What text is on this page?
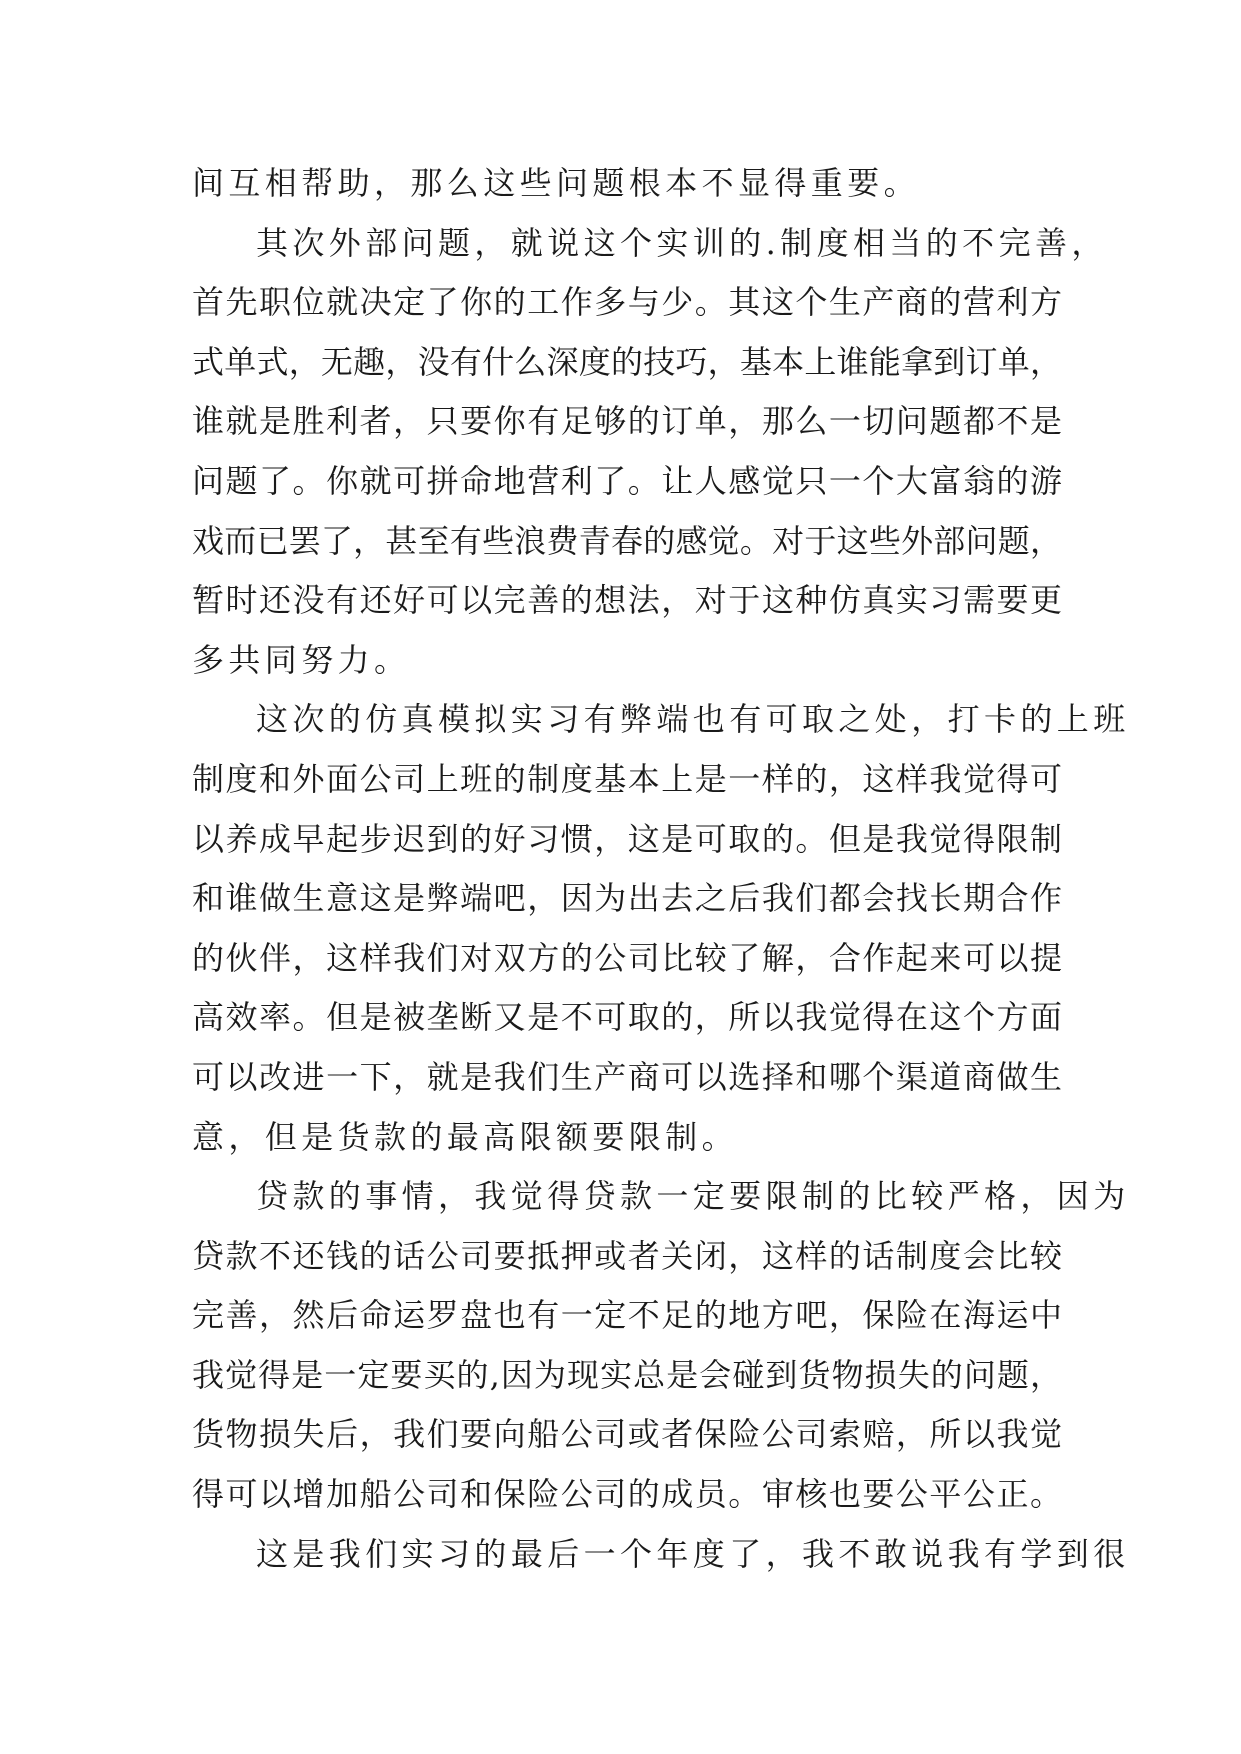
间互相帮助，那么这些问题根本不显得重要。
其次外部问题，就说这个实训的.制度相当的不完善，
首先职位就决定了你的工作多与少。其这个生产商的营利方
式单式，无趣，没有什么深度的技巧，基本上谁能拿到订单，
谁就是胜利者，只要你有足够的订单，那么一切问题都不是
问题了。你就可拼命地营利了。让人感觉只一个大富翁的游
戏而已罢了，甚至有些浪费青春的感觉。对于这些外部问题，
暂时还没有还好可以完善的想法，对于这种仿真实习需要更
多共同努力。
这次的仿真模拟实习有弊端也有可取之处，打卡的上班
制度和外面公司上班的制度基本上是一样的，这样我觉得可
以养成早起步迟到的好习惯，这是可取的。但是我觉得限制
和谁做生意这是弊端吧，因为出去之后我们都会找长期合作
的伙伴，这样我们对双方的公司比较了解，合作起来可以提
高效率。但是被垄断又是不可取的，所以我觉得在这个方面
可以改进一下，就是我们生产商可以选择和哪个渠道商做生
意，但是货款的最高限额要限制。
贷款的事情，我觉得贷款一定要限制的比较严格，因为
贷款不还钱的话公司要抵押或者关闭，这样的话制度会比较
完善，然后命运罗盘也有一定不足的地方吧，保险在海运中
我觉得是一定要买的,因为现实总是会碰到货物损失的问题，
货物损失后，我们要向船公司或者保险公司索赔，所以我觉
得可以增加船公司和保险公司的成员。审核也要公平公正。
这是我们实习的最后一个年度了，我不敢说我有学到很
